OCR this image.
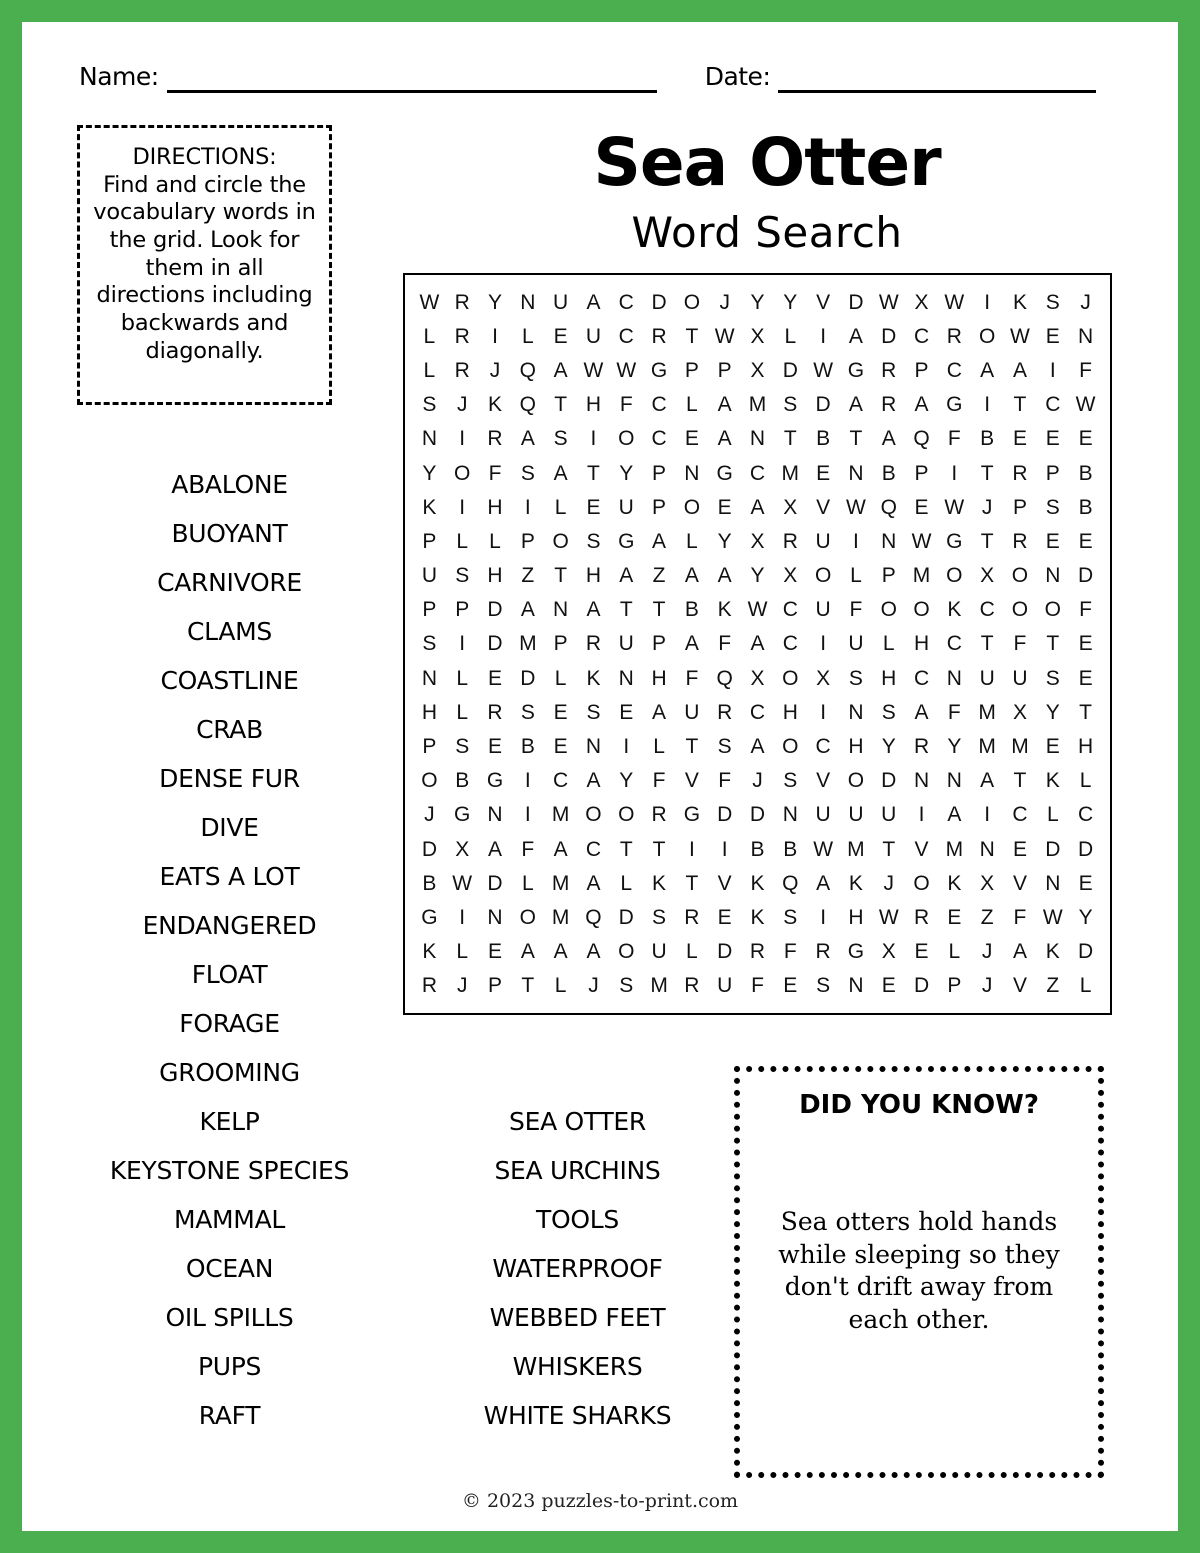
Name:	Date:

DIRECTIONS:

Find and circle the vocabulary words in the grid. Look for them in all directions including backwards and diagonally.

Sea Otter
Word Search
W R Y N U A C D O J Y Y V D W X W I	K S J
L R	I	L E U C R T W X L	I	A D C R O W E N
L R J Q A W W G P P X D W G R P C A A	I	F
S J K Q T H F C L A M S D A R A G	I	T C W
N	I	R A S	I	O C E A N T B T A Q F B E E E
Y O F S A T Y P N G C M E N B P	I	T R P B
K	I	H	I	L E U P O E A X V W Q E W J P S B
P L	L P O S G A L Y X R U	I	N W G T R E E
U S H Z T H A Z A A Y X O L P M O X O N D
P P D A N A T T B K W C U F O O K C O O F
S	I	D M P R U P A F A C	I	U L H C T F T E
N L E D L K N H F Q X O X S H C N U U S E
H L R S E S E A U R C H	I	N S A F M X Y T
P S E B E N	I	L T S A O C H Y R Y M M E H
O B G	I	C A Y F V F	J S V O D N N A T K L
J G N	I	M O O R G D D N U U U	I	A	I	C L C
D X A F A C T T	I	I	B B W M T V M N E D D
B W D L M A L K T V K Q A K J O K X V N E
G	I	N O M Q D S R E K S	I	H W R E Z F W Y
K L E A A A O U L D R F R G X E L	J A K D
R J P T L	J S M R U F E S N E D P J V Z L
ABALONE
BUOYANT
CARNIVORE
CLAMS
COASTLINE
CRAB
DENSE FUR
DIVE
EATS A LOT
ENDANGERED
FLOAT
FORAGE
GROOMING
KELP
KEYSTONE SPECIES
MAMMAL
OCEAN
OIL SPILLS
PUPS
RAFT
SEA OTTER
SEA URCHINS
TOOLS
WATERPROOF
WEBBED FEET
WHISKERS
WHITE SHARKS
DID YOU KNOW?
Sea otters hold hands while sleeping so they don't drift away from each other.
© 2023 puzzles-to-print.com
